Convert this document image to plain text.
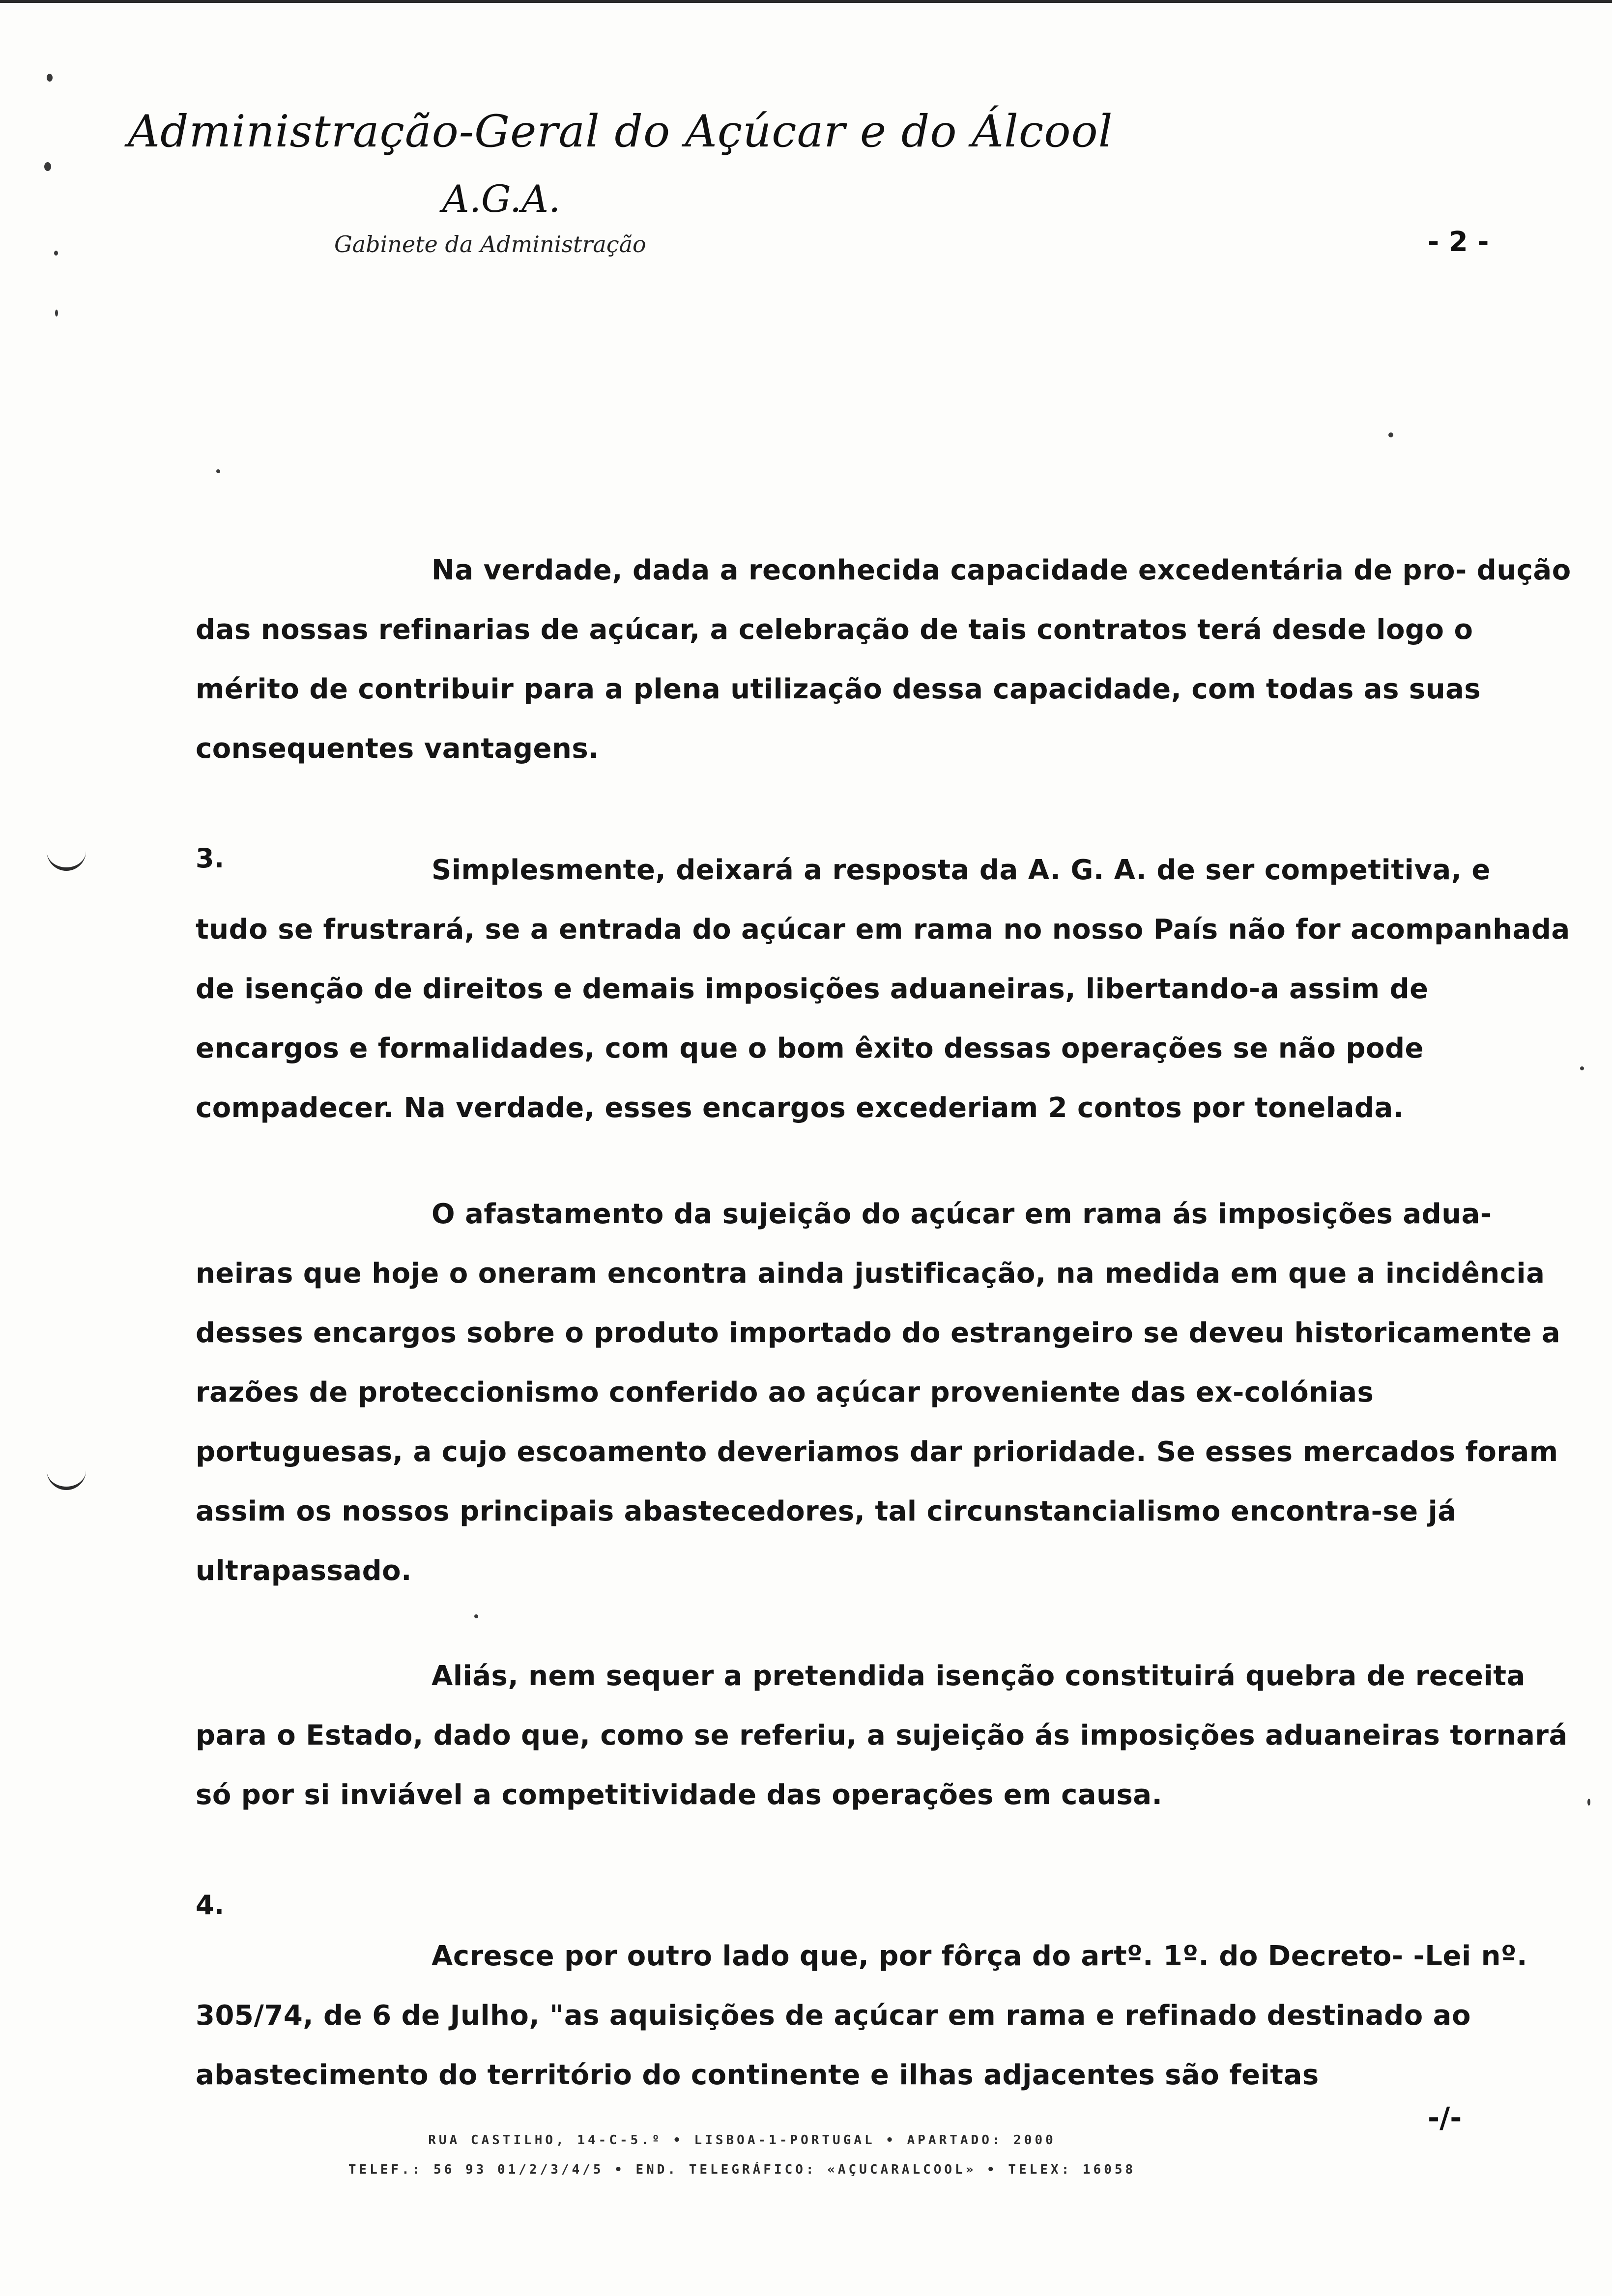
Administração-Geral do Açúcar e do Álcool
A.G.A.
Gabinete da Administração	- 2 -
Na verdade, dada a reconhecida capacidade excedentária de pro- dução das nossas refinarias de açúcar, a celebração de tais contratos terá desde logo o mérito de contribuir para a plena utilização dessa capacidade, com todas as suas consequentes vantagens.
3.	Simplesmente, deixará a resposta da A. G. A. de ser competitiva, e tudo se frustrará, se a entrada do açúcar em rama no nosso País não for acompanhada de isenção de direitos e demais imposições aduaneiras, libertando-a assim de encargos e formalidades, com que o bom êxito dessas operações se não pode compadecer. Na verdade, esses encargos excederiam 2 contos por tonelada.
O afastamento da sujeição do açúcar em rama ás imposições adua- neiras que hoje o oneram encontra ainda justificação, na medida em que a incidência desses encargos sobre o produto importado do estrangeiro se deveu historicamente a razões de proteccionismo conferido ao açúcar proveniente das ex-colónias portuguesas, a cujo escoamento deveriamos dar prioridade. Se esses mercados foram assim os nossos principais abastecedores, tal circunstancialismo encontra-se já ultrapassado.
Aliás, nem sequer a pretendida isenção constituirá quebra de receita para o Estado, dado que, como se referiu, a sujeição ás imposições aduaneiras tornará só por si inviável a competitividade das operações em causa.
4.
Acresce por outro lado que, por fôrça do artº. 1º. do Decreto- -Lei nº. 305/74, de 6 de Julho, "as aquisições de açúcar em rama e refinado destinado ao abastecimento do território do continente e ilhas adjacentes são feitas
-/-
RUA CASTILHO, 14-C-5.º • LISBOA-1-PORTUGAL • APARTADO: 2000
TELEF.: 56 93 01/2/3/4/5 • END. TELEGRÁFICO: «AÇUCARALCOOL» • TELEX: 16058
